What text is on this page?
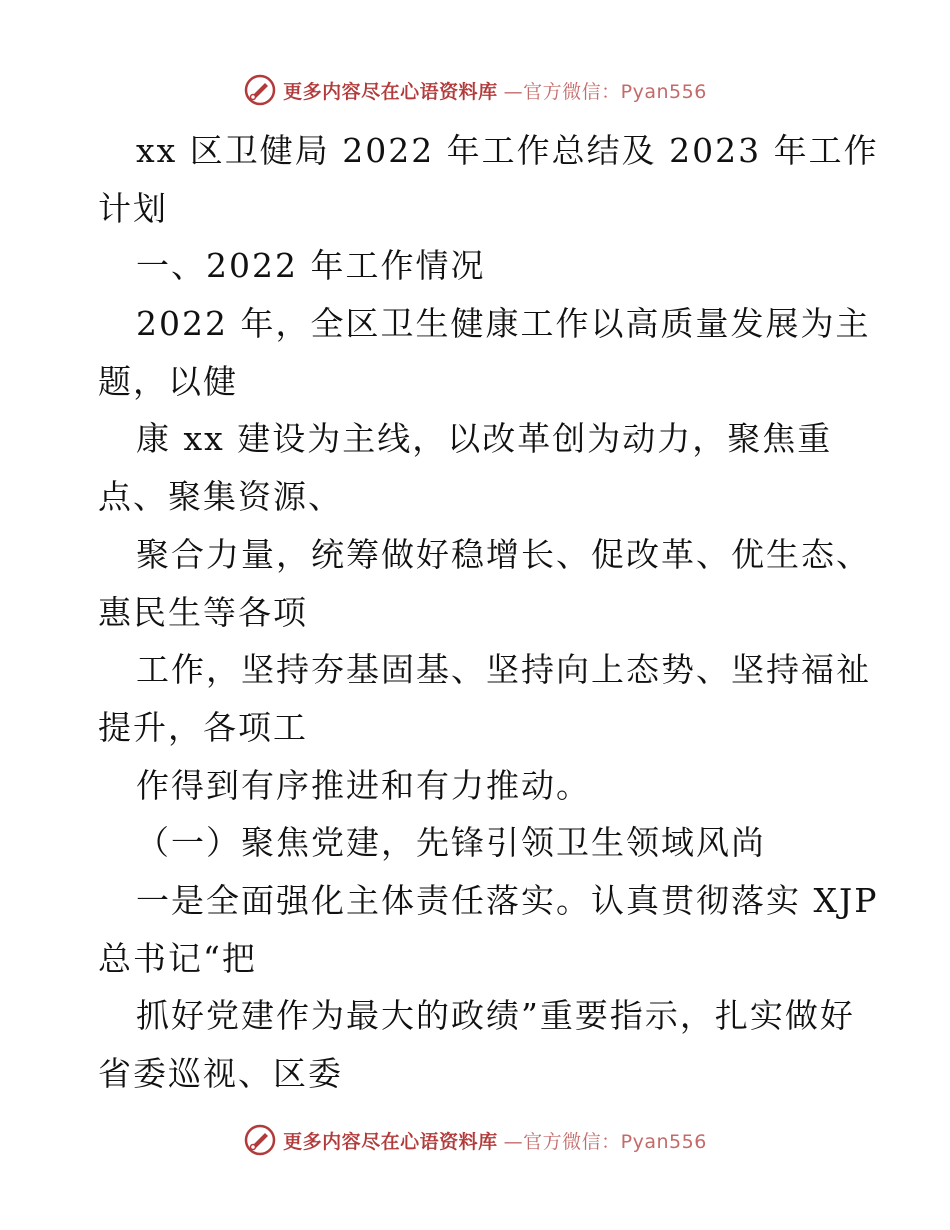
更多内容尽在心语资料库 —官方微信：Pyan556
xx 区卫健局 2022 年工作总结及 2023 年工作
计划
一、2022 年工作情况
2022 年，全区卫生健康工作以高质量发展为主
题，以健
康 xx 建设为主线，以改革创为动力，聚焦重
点、聚集资源、
聚合力量，统筹做好稳增长、促改革、优生态、
惠民生等各项
工作，坚持夯基固基、坚持向上态势、坚持福祉
提升，各项工
作得到有序推进和有力推动。
（一）聚焦党建，先锋引领卫生领域风尚
一是全面强化主体责任落实。认真贯彻落实 XJP
总书记“把
抓好党建作为最大的政绩”重要指示，扎实做好
省委巡视、区委
更多内容尽在心语资料库 —官方微信：Pyan556
